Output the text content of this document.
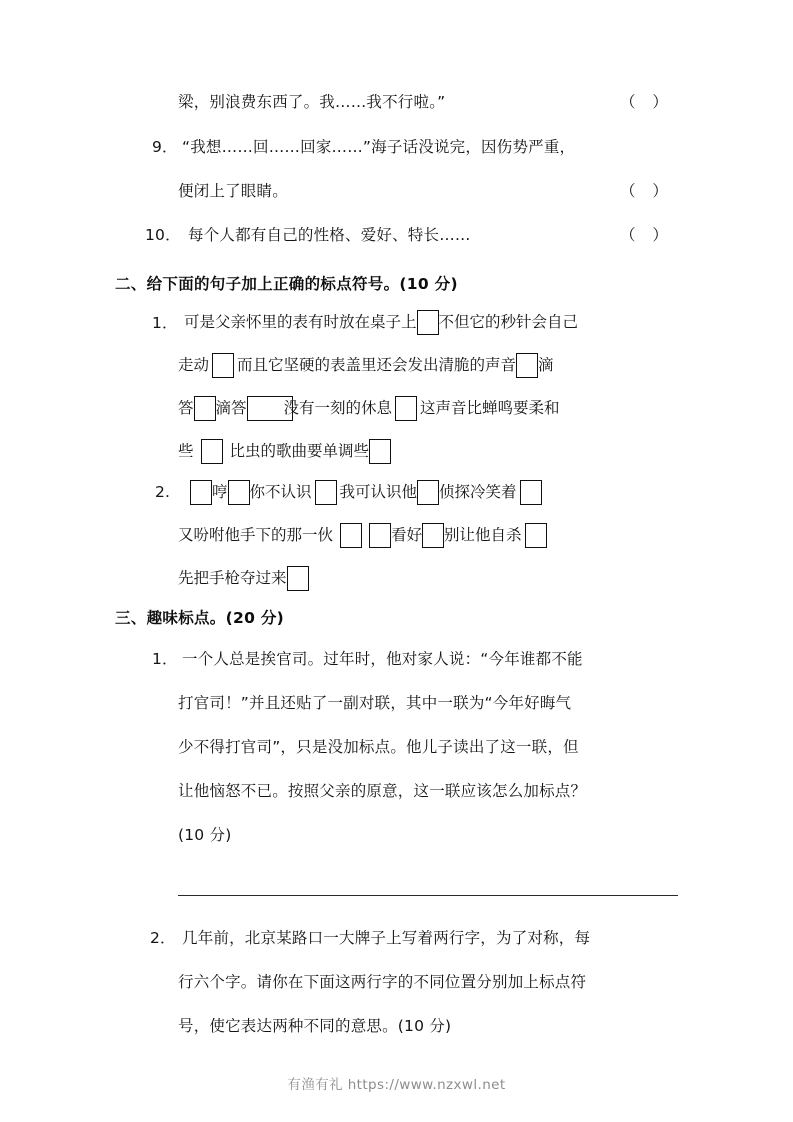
梁，别浪费东西了。我……我不行啦。”	（ ）
9． “我想……回……回家……”海子话没说完，因伤势严重，
便闭上了眼睛。	（ ）
10． 每个人都有自己的性格、爱好、特长……	（ ）
二、给下面的句子加上正确的标点符号。(10 分)
1． 可是父亲怀里的表有时放在桌子上 不但它的秒针会自己
走动 而且它坚硬的表盖里还会发出清脆的声音 滴
答 滴答 没有一刻的休息 这声音比蝉鸣要柔和
些 比虫的歌曲要单调些
2.	哼 你不认识 我可认识他 侦探冷笑着
又吩咐他手下的那一伙	看好 别让他自杀
先把手枪夺过来
三、趣味标点。(20 分)
1． 一个人总是挨官司。过年时，他对家人说：“今年谁都不能
打官司！”并且还贴了一副对联，其中一联为“今年好晦气
少不得打官司”，只是没加标点。他儿子读出了这一联，但
让他恼怒不已。按照父亲的原意，这一联应该怎么加标点？
(10 分)
2． 几年前，北京某路口一大牌子上写着两行字，为了对称，每
行六个字。请你在下面这两行字的不同位置分别加上标点符
号，使它表达两种不同的意思。(10 分)
有渔有礼 https://www.nzxwl.net
